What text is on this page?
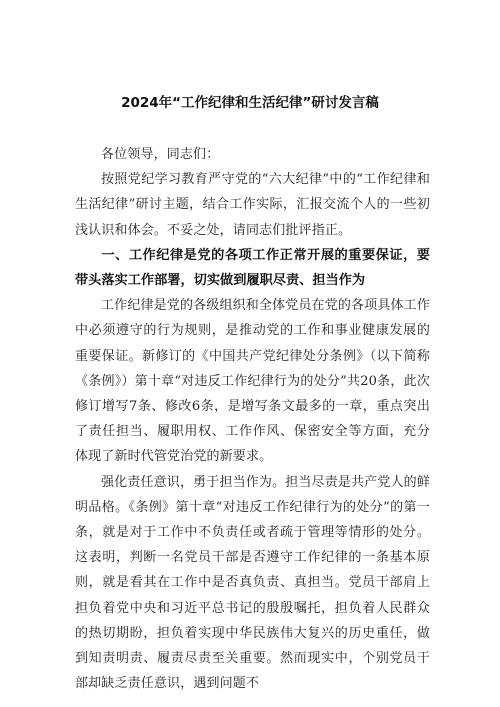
2024年“工作纪律和生活纪律”研讨发言稿

各位领导，同志们：

按照党纪学习教育严守党的“六大纪律”中的“工作纪律和生活纪律”研讨主题，结合工作实际，汇报交流个人的一些初浅认识和体会。不妥之处，请同志们批评指正。

一、工作纪律是党的各项工作正常开展的重要保证，要带头落实工作部署，切实做到履职尽责、担当作为

工作纪律是党的各级组织和全体党员在党的各项具体工作中必须遵守的行为规则，是推动党的工作和事业健康发展的重要保证。新修订的《中国共产党纪律处分条例》（以下简称《条例》）第十章“对违反工作纪律行为的处分”共20条，此次修订增写7条、修改6条，是增写条文最多的一章，重点突出了责任担当、履职用权、工作作风、保密安全等方面，充分体现了新时代管党治党的新要求。

强化责任意识，勇于担当作为。担当尽责是共产党人的鲜明品格。《条例》第十章“对违反工作纪律行为的处分”的第一条，就是对于工作中不负责任或者疏于管理等情形的处分。这表明，判断一名党员干部是否遵守工作纪律的一条基本原则，就是看其在工作中是否真负责、真担当。党员干部肩上担负着党中央和习近平总书记的殷殷嘱托，担负着人民群众的热切期盼，担负着实现中华民族伟大复兴的历史重任，做到知责明责、履责尽责至关重要。然而现实中，个别党员干部却缺乏责任意识，遇到问题不
